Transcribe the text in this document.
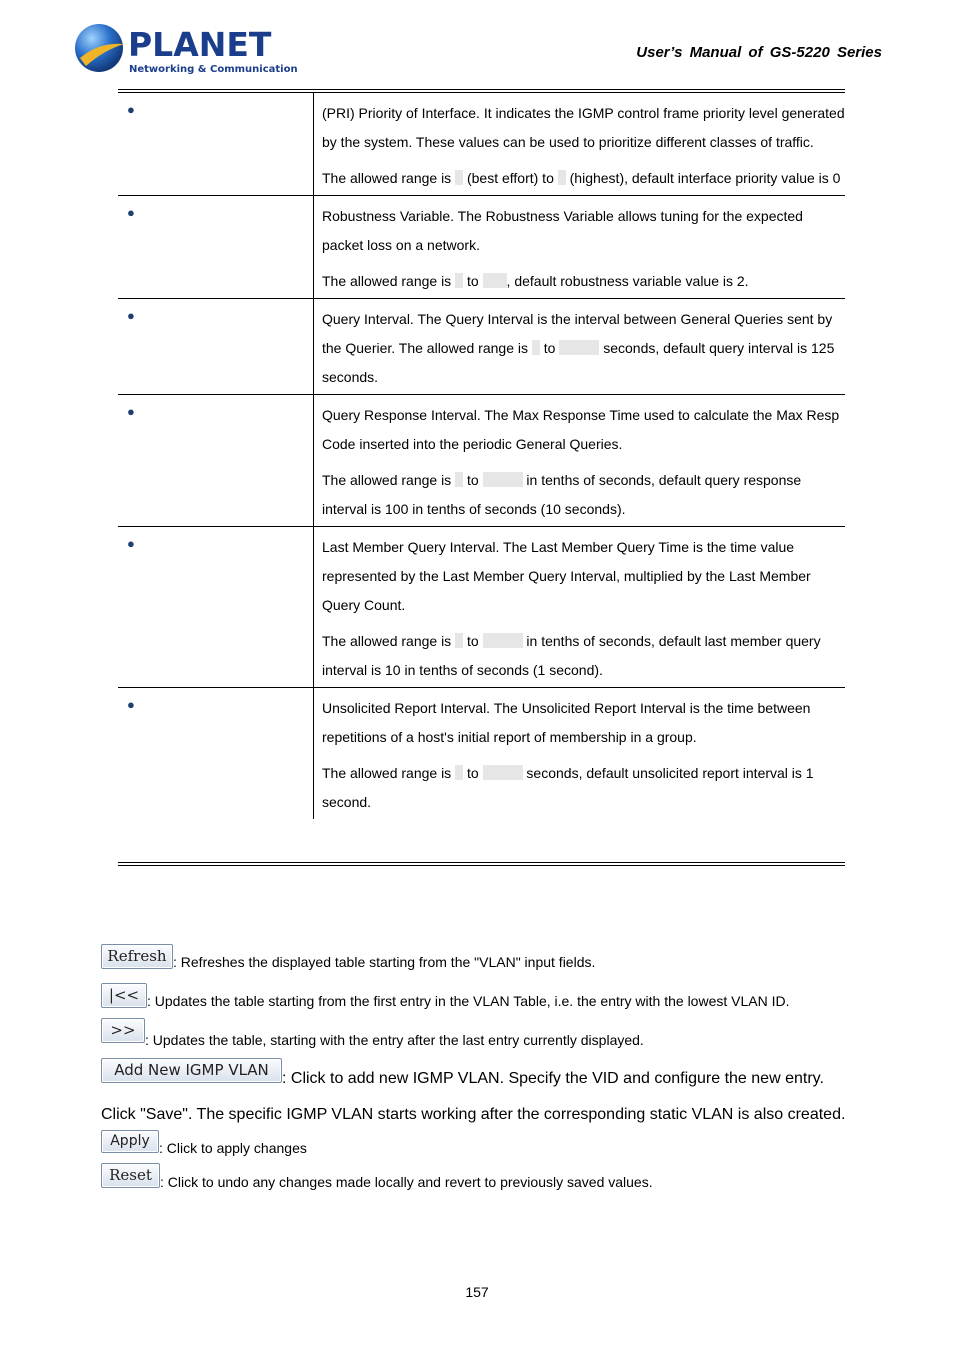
PLANET
Networking & Communication
User’s Manual of GS-5220 Series
●	(PRI) Priority of Interface. It indicates the IGMP control frame priority level generated by the system. These values can be used to prioritize different classes of traffic.
The allowed range is  (best effort) to  (highest), default interface priority value is 0

●	Robustness Variable. The Robustness Variable allows tuning for the expected packet loss on a network.
The allowed range is  to , default robustness variable value is 2.

●	Query Interval. The Query Interval is the interval between General Queries sent by the Querier. The allowed range is  to seconds, default query interval is 125 seconds.

●	Query Response Interval. The Max Response Time used to calculate the Max Resp Code inserted into the periodic General Queries.
The allowed range is  to in tenths of seconds, default query response interval is 100 in tenths of seconds (10 seconds).

●	Last Member Query Interval. The Last Member Query Time is the time value represented by the Last Member Query Interval, multiplied by the Last Member Query Count.
The allowed range is  to in tenths of seconds, default last member query interval is 10 in tenths of seconds (1 second).

●	Unsolicited Report Interval. The Unsolicited Report Interval is the time between repetitions of a host's initial report of membership in a group.
The allowed range is  to seconds, default unsolicited report interval is 1 second.
Refresh : Refreshes the displayed table starting from the "VLAN" input fields.
|<< : Updates the table starting from the first entry in the VLAN Table, i.e. the entry with the lowest VLAN ID.
>>: Updates the table, starting with the entry after the last entry currently displayed.
Add New IGMP VLAN : Click to add new IGMP VLAN. Specify the VID and configure the new entry.
Click "Save". The specific IGMP VLAN starts working after the corresponding static VLAN is also created.
Apply : Click to apply changes
Reset : Click to undo any changes made locally and revert to previously saved values.
157
